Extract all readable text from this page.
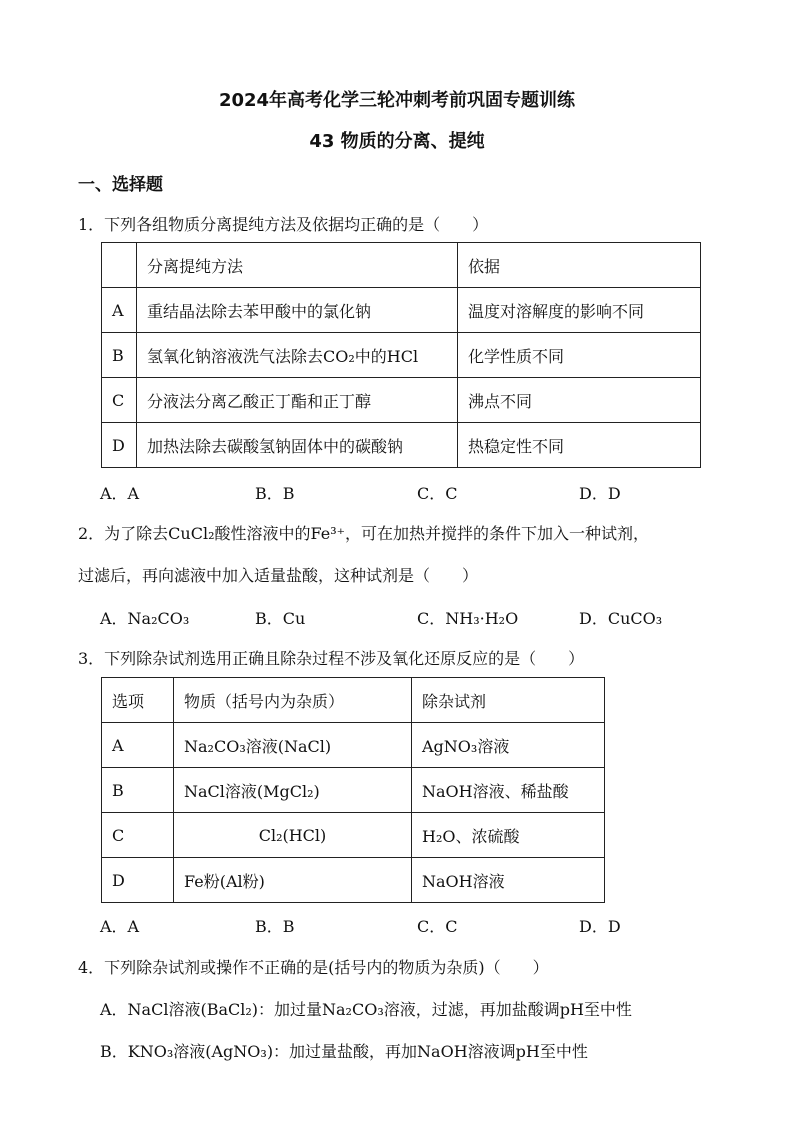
2024年高考化学三轮冲刺考前巩固专题训练
43 物质的分离、提纯
一、选择题
1．下列各组物质分离提纯方法及依据均正确的是（　　）
	分离提纯方法	依据
A	重结晶法除去苯甲酸中的氯化钠	温度对溶解度的影响不同
B	氢氧化钠溶液洗气法除去CO₂中的HCl	化学性质不同
C	分液法分离乙酸正丁酯和正丁醇	沸点不同
D	加热法除去碳酸氢钠固体中的碳酸钠	热稳定性不同
A．A	B．B	C．C	D．D
2．为了除去CuCl₂酸性溶液中的Fe³⁺，可在加热并搅拌的条件下加入一种试剂，
过滤后，再向滤液中加入适量盐酸，这种试剂是（　　）
A．Na₂CO₃	B．Cu	C．NH₃·H₂O	D．CuCO₃
3．下列除杂试剂选用正确且除杂过程不涉及氧化还原反应的是（　　）
选项	物质（括号内为杂质）	除杂试剂
A	Na₂CO₃溶液(NaCl)	AgNO₃溶液
B	NaCl溶液(MgCl₂)	NaOH溶液、稀盐酸
C	Cl₂(HCl)	H₂O、浓硫酸
D	Fe粉(Al粉)	NaOH溶液
A．A	B．B	C．C	D．D
4．下列除杂试剂或操作不正确的是(括号内的物质为杂质)（　　）
A．NaCl溶液(BaCl₂)：加过量Na₂CO₃溶液，过滤，再加盐酸调pH至中性
B．KNO₃溶液(AgNO₃)：加过量盐酸，再加NaOH溶液调pH至中性
